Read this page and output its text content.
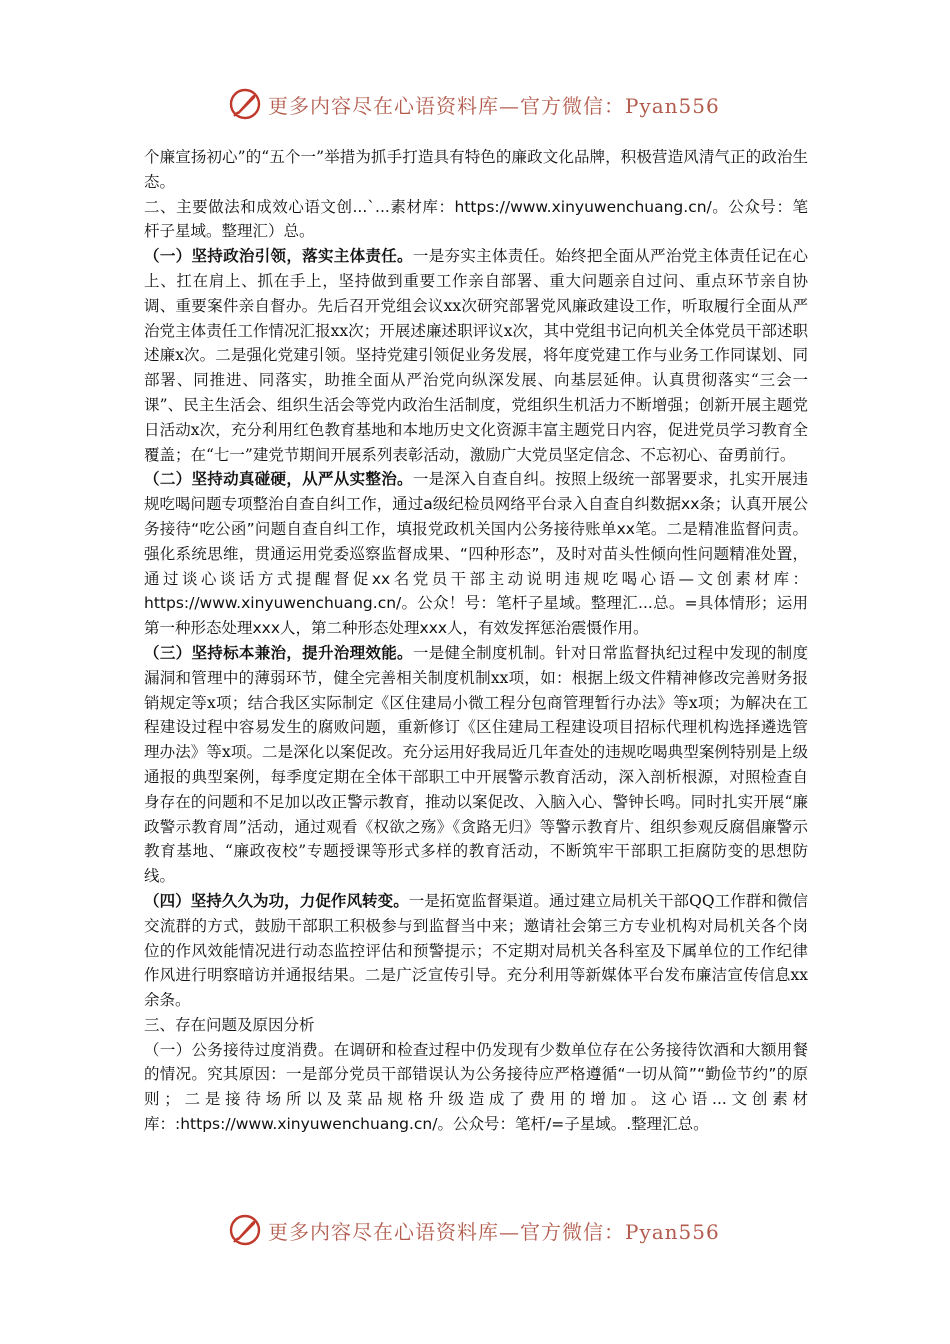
更多内容尽在心语资料库—官方微信：Pyan556

个廉宣扬初心”的“五个一”举措为抓手打造具有特色的廉政文化品牌，积极营造风清气正的政治生态。

二、主要做法和成效心语文创...`...素材库：https://www.xinyuwenchuang.cn/。公众号：笔杆子星域。整理汇）总。

（一）坚持政治引领，落实主体责任。一是夯实主体责任。始终把全面从严治党主体责任记在心上、扛在肩上、抓在手上，坚持做到重要工作亲自部署、重大问题亲自过问、重点环节亲自协调、重要案件亲自督办。先后召开党组会议xx次研究部署党风廉政建设工作，听取履行全面从严治党主体责任工作情况汇报xx次；开展述廉述职评议x次，其中党组书记向机关全体党员干部述职述廉x次。二是强化党建引领。坚持党建引领促业务发展，将年度党建工作与业务工作同谋划、同部署、同推进、同落实，助推全面从严治党向纵深发展、向基层延伸。认真贯彻落实“三会一课”、民主生活会、组织生活会等党内政治生活制度，党组织生机活力不断增强；创新开展主题党日活动x次，充分利用红色教育基地和本地历史文化资源丰富主题党日内容，促进党员学习教育全覆盖；在“七一”建党节期间开展系列表彰活动，激励广大党员坚定信念、不忘初心、奋勇前行。

（二）坚持动真碰硬，从严从实整治。一是深入自查自纠。按照上级统一部署要求，扎实开展违规吃喝问题专项整治自查自纠工作，通过a级纪检员网络平台录入自查自纠数据xx条；认真开展公务接待“吃公函”问题自查自纠工作，填报党政机关国内公务接待账单xx笔。二是精准监督问责。强化系统思维，贯通运用党委巡察监督成果、“四种形态”，及时对苗头性倾向性问题精准处置，通过谈心谈话方式提醒督促xx名党员干部主动说明违规吃喝心语—文创素材库：https://www.xinyuwenchuang.cn/。公众！号：笔杆子星域。整理汇...总。=具体情形；运用第一种形态处理xxx人，第二种形态处理xxx人，有效发挥惩治震慑作用。

（三）坚持标本兼治，提升治理效能。一是健全制度机制。针对日常监督执纪过程中发现的制度漏洞和管理中的薄弱环节，健全完善相关制度机制xx项，如：根据上级文件精神修改完善财务报销规定等x项；结合我区实际制定《区住建局小微工程分包商管理暂行办法》等x项；为解决在工程建设过程中容易发生的腐败问题，重新修订《区住建局工程建设项目招标代理机构选择遴选管理办法》等x项。二是深化以案促改。充分运用好我局近几年查处的违规吃喝典型案例特别是上级通报的典型案例，每季度定期在全体干部职工中开展警示教育活动，深入剖析根源，对照检查自身存在的问题和不足加以改正警示教育，推动以案促改、入脑入心、警钟长鸣。同时扎实开展“廉政警示教育周”活动，通过观看《权欲之殇》《贪路无归》等警示教育片、组织参观反腐倡廉警示教育基地、“廉政夜校”专题授课等形式多样的教育活动，不断筑牢干部职工拒腐防变的思想防线。

（四）坚持久久为功，力促作风转变。一是拓宽监督渠道。通过建立局机关干部QQ工作群和微信交流群的方式，鼓励干部职工积极参与到监督当中来；邀请社会第三方专业机构对局机关各个岗位的作风效能情况进行动态监控评估和预警提示；不定期对局机关各科室及下属单位的工作纪律作风进行明察暗访并通报结果。二是广泛宣传引导。充分利用等新媒体平台发布廉洁宣传信息xx余条。

三、存在问题及原因分析

（一）公务接待过度消费。在调研和检查过程中仍发现有少数单位存在公务接待饮酒和大额用餐的情况。究其原因：一是部分党员干部错误认为公务接待应严格遵循“一切从简”“勤俭节约”的原则；二是接待场所以及菜品规格升级造成了费用的增加。这心语...文创素材库：:https://www.xinyuwenchuang.cn/。公众号：笔杆/=子星域。.整理汇总。

更多内容尽在心语资料库—官方微信：Pyan556
